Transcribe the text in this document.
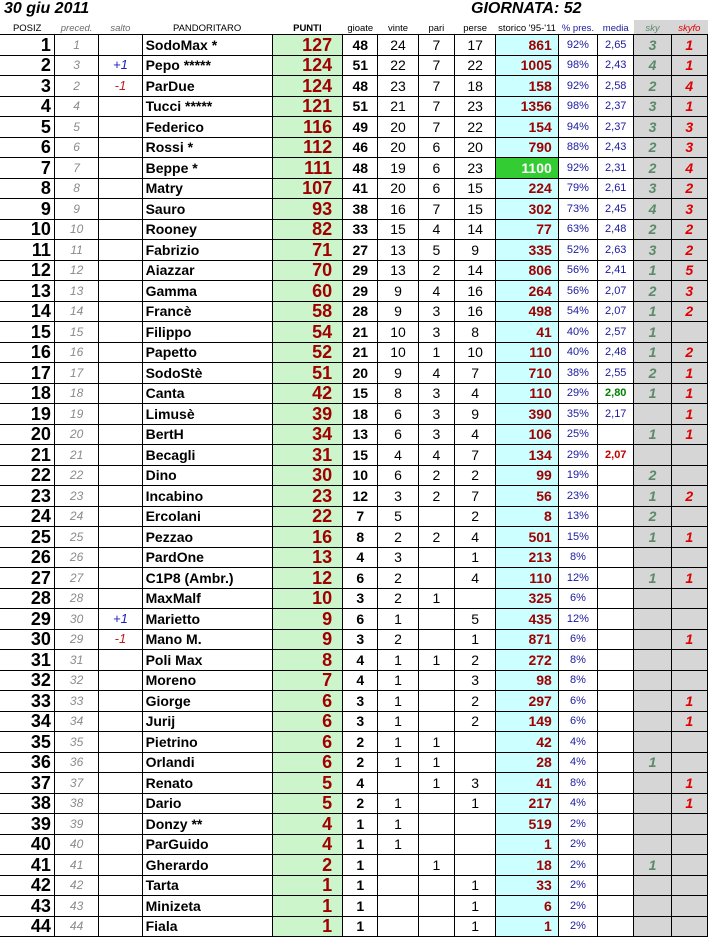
30 giu 2011	GIORNATA: 52
POSIZ	preced.	salto	PANDORITARO	PUNTI	gioate	vinte	pari	perse	storico '95-'11	% pres.	media	sky	skyfo
1	1		SodoMax *	127	48	24	7	17	861	92%	2,65	3	1
2	3	+1	Pepo *****	124	51	22	7	22	1005	98%	2,43	4	1
3	2	-1	ParDue	124	48	23	7	18	158	92%	2,58	2	4
4	4		Tucci *****	121	51	21	7	23	1356	98%	2,37	3	1
5	5		Federico	116	49	20	7	22	154	94%	2,37	3	3
6	6		Rossi *	112	46	20	6	20	790	88%	2,43	2	3
7	7		Beppe *	111	48	19	6	23	1100	92%	2,31	2	4
8	8		Matry	107	41	20	6	15	224	79%	2,61	3	2
9	9		Sauro	93	38	16	7	15	302	73%	2,45	4	3
10	10		Rooney	82	33	15	4	14	77	63%	2,48	2	2
11	11		Fabrizio	71	27	13	5	9	335	52%	2,63	3	2
12	12		Aiazzar	70	29	13	2	14	806	56%	2,41	1	5
13	13		Gamma	60	29	9	4	16	264	56%	2,07	2	3
14	14		Francè	58	28	9	3	16	498	54%	2,07	1	2
15	15		Filippo	54	21	10	3	8	41	40%	2,57	1	
16	16		Papetto	52	21	10	1	10	110	40%	2,48	1	2
17	17		SodoStè	51	20	9	4	7	710	38%	2,55	2	1
18	18		Canta	42	15	8	3	4	110	29%	2,80	1	1
19	19		Limusè	39	18	6	3	9	390	35%	2,17		1
20	20		BertH	34	13	6	3	4	106	25%		1	1
21	21		Becagli	31	15	4	4	7	134	29%	2,07		
22	22		Dino	30	10	6	2	2	99	19%		2	
23	23		Incabino	23	12	3	2	7	56	23%		1	2
24	24		Ercolani	22	7	5		2	8	13%		2	
25	25		Pezzao	16	8	2	2	4	501	15%		1	1
26	26		PardOne	13	4	3		1	213	8%			
27	27		C1P8 (Ambr.)	12	6	2		4	110	12%		1	1
28	28		MaxMalf	10	3	2	1		325	6%			
29	30	+1	Marietto	9	6	1		5	435	12%			
30	29	-1	Mano M.	9	3	2		1	871	6%			1
31	31		Poli Max	8	4	1	1	2	272	8%			
32	32		Moreno	7	4	1		3	98	8%			
33	33		Giorge	6	3	1		2	297	6%			1
34	34		Jurij	6	3	1		2	149	6%			1
35	35		Pietrino	6	2	1	1		42	4%			
36	36		Orlandi	6	2	1	1		28	4%		1	
37	37		Renato	5	4		1	3	41	8%			1
38	38		Dario	5	2	1		1	217	4%			1
39	39		Donzy **	4	1	1			519	2%			
40	40		ParGuido	4	1	1			1	2%			
41	41		Gherardo	2	1		1		18	2%		1	
42	42		Tarta	1	1			1	33	2%			
43	43		Minizeta	1	1			1	6	2%			
44	44		Fiala	1	1			1	1	2%			
